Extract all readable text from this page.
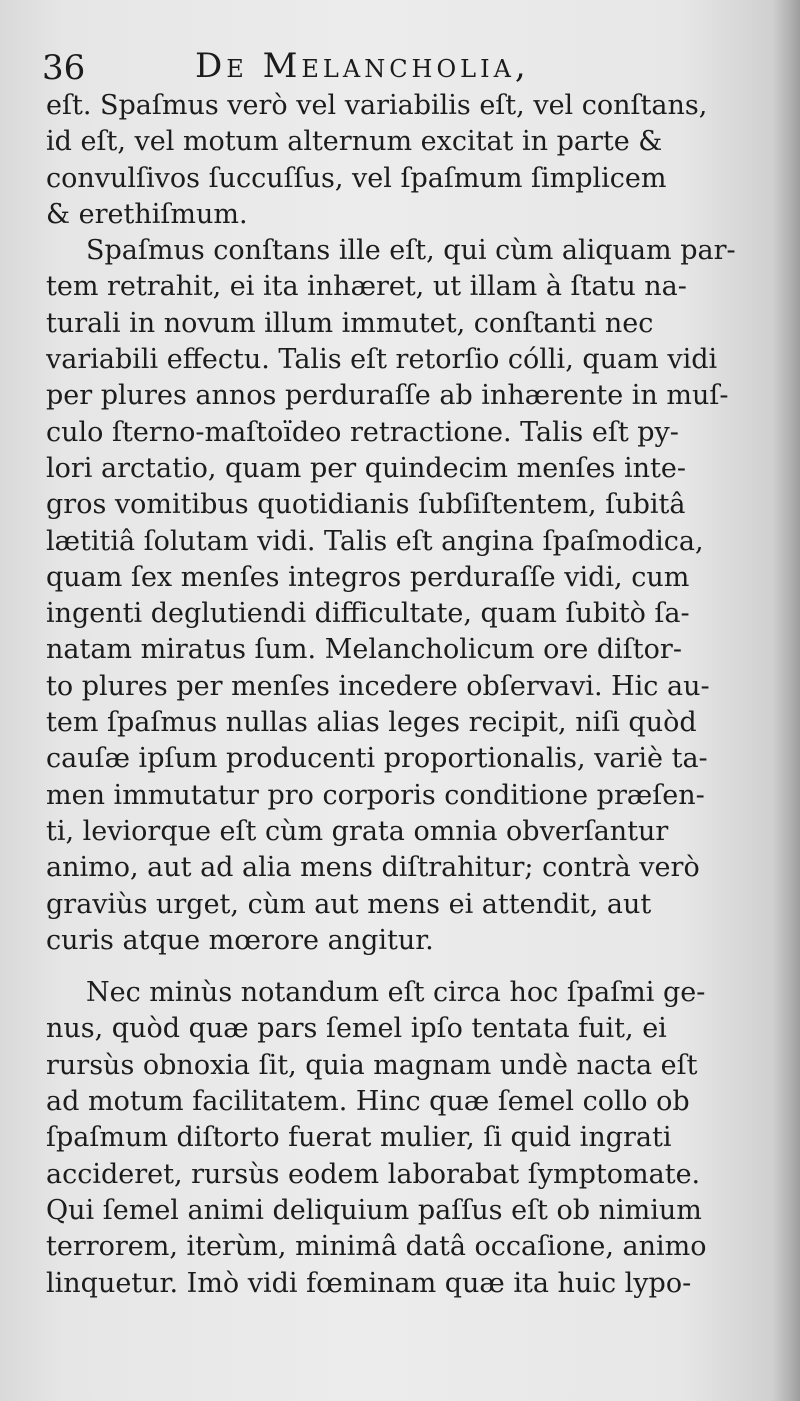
36	De Melancholia,
eſt. Spaſmus verò vel variabilis eſt, vel conſtans,
id eſt, vel motum alternum excitat in parte &
convulſivos ſuccuſſus, vel ſpaſmum ſimplicem
& erethiſmum.
Spaſmus conſtans ille eſt, qui cùm aliquam par-
tem retrahit, ei ita inhæret, ut illam à ſtatu na-
turali in novum illum immutet, conſtanti nec
variabili effectu. Talis eſt retorſio cólli, quam vidi
per plures annos perduraſſe ab inhærente in muſ-
culo ſterno-maſtoïdeo retractione. Talis eſt py-
lori arctatio, quam per quindecim menſes inte-
gros vomitibus quotidianis ſubſiſtentem, ſubitâ
lætitiâ ſolutam vidi. Talis eſt angina ſpaſmodica,
quam ſex menſes integros perduraſſe vidi, cum
ingenti deglutiendi difficultate, quam ſubitò ſa-
natam miratus ſum. Melancholicum ore diſtor-
to plures per menſes incedere obſervavi. Hic au-
tem ſpaſmus nullas alias leges recipit, niſi quòd
cauſæ ipſum producenti proportionalis, variè ta-
men immutatur pro corporis conditione præſen-
ti, leviorque eſt cùm grata omnia obverſantur
animo, aut ad alia mens diſtrahitur; contrà verò
graviùs urget, cùm aut mens ei attendit, aut
curis atque mœrore angitur.
Nec minùs notandum eſt circa hoc ſpaſmi ge-
nus, quòd quæ pars ſemel ipſo tentata fuit, ei
rursùs obnoxia ſit, quia magnam undè nacta eſt
ad motum facilitatem. Hinc quæ ſemel collo ob
ſpaſmum diſtorto fuerat mulier, ſi quid ingrati
accideret, rursùs eodem laborabat ſymptomate.
Qui ſemel animi deliquium paſſus eſt ob nimium
terrorem, iterùm, minimâ datâ occaſione, animo
linquetur. Imò vidi fœminam quæ ita huic lypo-
